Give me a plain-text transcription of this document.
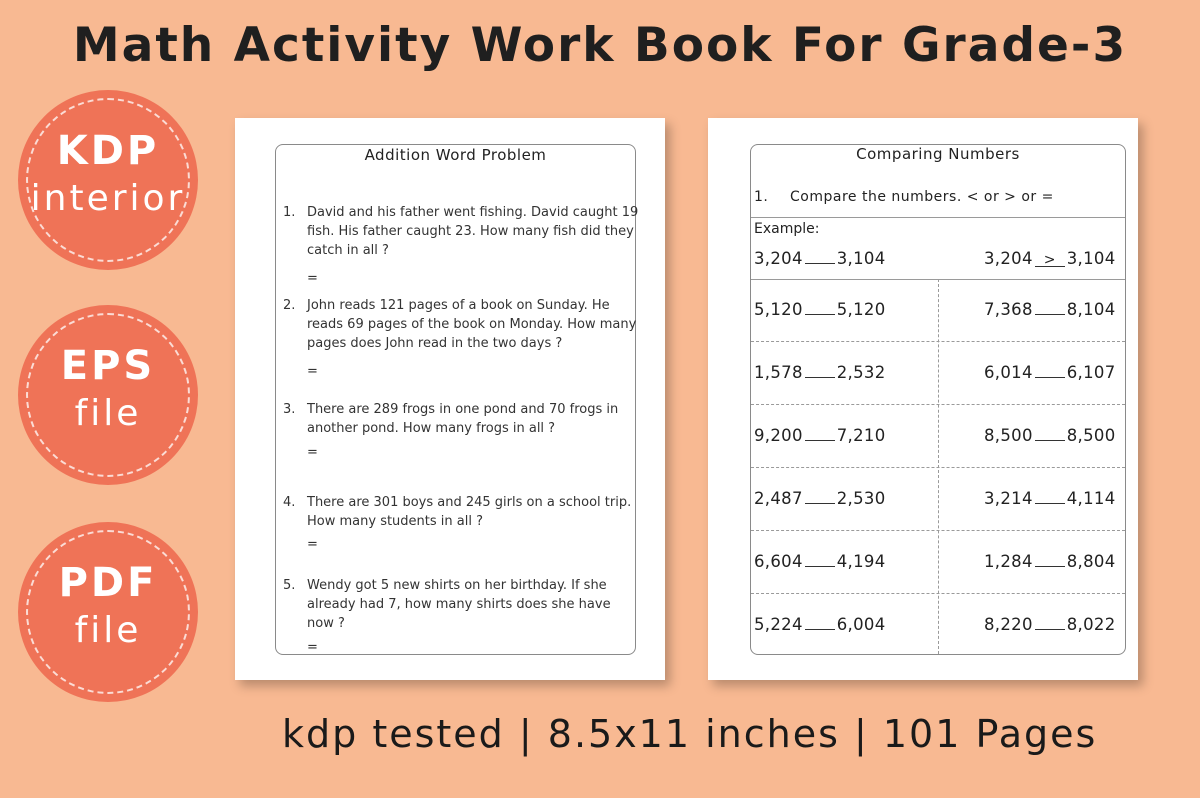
Math Activity Work Book For Grade-3
KDP
interior
EPS
file
PDF
file
Addition Word Problem
1. David and his father went fishing. David caught 19 fish. His father caught 23. How many fish did they catch in all ?
=
2. John reads 121 pages of a book on Sunday. He reads 69 pages of the book on Monday. How many pages does John read in the two days ?
=
3. There are 289 frogs in one pond and 70 frogs in another pond. How many frogs in all ?
=
4. There are 301 boys and 245 girls on a school trip. How many students in all ?
=
5. Wendy got 5 new shirts on her birthday. If she already had 7, how many shirts does she have now ?
=
Comparing Numbers
1. Compare the numbers. < or > or =
Example:
3,204 3,104	3,204 > 3,104
5,120 5,120	7,368 8,104
1,578 2,532	6,014 6,107
9,200 7,210	8,500 8,500
2,487 2,530	3,214 4,114
6,604 4,194	1,284 8,804
5,224 6,004	8,220 8,022
kdp tested | 8.5x11 inches | 101 Pages
